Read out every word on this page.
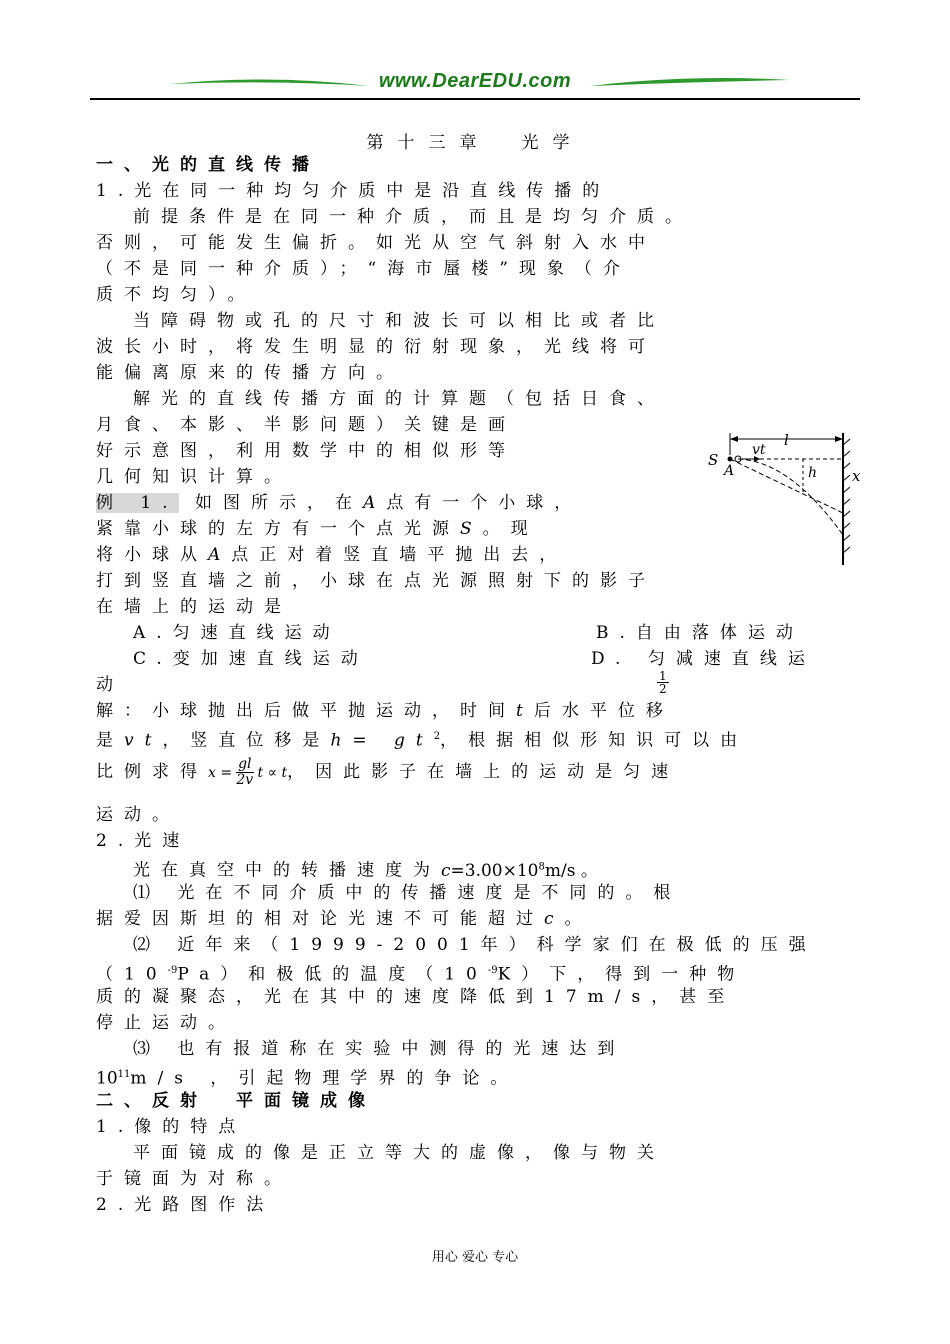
www.DearEDU.com
第十三章　光学
一、光的直线传播
1.光在同一种均匀介质中是沿直线传播的
前提条件是在同一种介质，而且是均匀介质。
否则，可能发生偏折。如光从空气斜射入水中
（不是同一种介质）；“海市蜃楼”现象（介
质不均匀）。
当障碍物或孔的尺寸和波长可以相比或者比
波长小时，将发生明显的衍射现象，光线将可
能偏离原来的传播方向。
解光的直线传播方面的计算题（包括日食、
月食、本影、半影问题）关键是画
好示意图，利用数学中的相似形等
几何知识计算。
例 1. 如图所示，在A点有一个小球，
紧靠小球的左方有一个点光源S。现
将小球从A点正对着竖直墙平抛出去，
打到竖直墙之前，小球在点光源照射下的影子
在墙上的运动是
A.匀速直线运动	B.自由落体运动
C.变加速直线运动	D. 匀减速直线运
动	$\frac{1}{2}$
解：小球抛出后做平抛运动，时间t后水平位移
是vt，竖直位移是$h= gt^2$，根据相似形知识可以由
比例求得$x = \frac{gl}{2v}$ t ∝ t，因此影子在墙上的运动是匀速
运动。
2.光速
光在真空中的转播速度为$c=3.00\times 10^8m/s$ 。
⑴ 光在不同介质中的传播速度是不同的。根
据爱因斯坦的相对论光速不可能超过c。
⑵ 近年来（1999-2001年）科学家们在极低的压强
$(10^{-9}Pa)$和极低的温度$(10^{-9}K)$下，得到一种物
质的凝聚态，光在其中的速度降低到17m/s，甚至
停止运动。
⑶ 也有报道称在实验中测得的光速达到
$10^{11}m/s$ ，引起物理学界的争论。
二、反射　平面镜成像
1.像的特点
平面镜成的像是正立等大的虚像，像与物关
于镜面为对称。
2.光路图作法
S
A
vt
l
h x
用心 爱心 专心
